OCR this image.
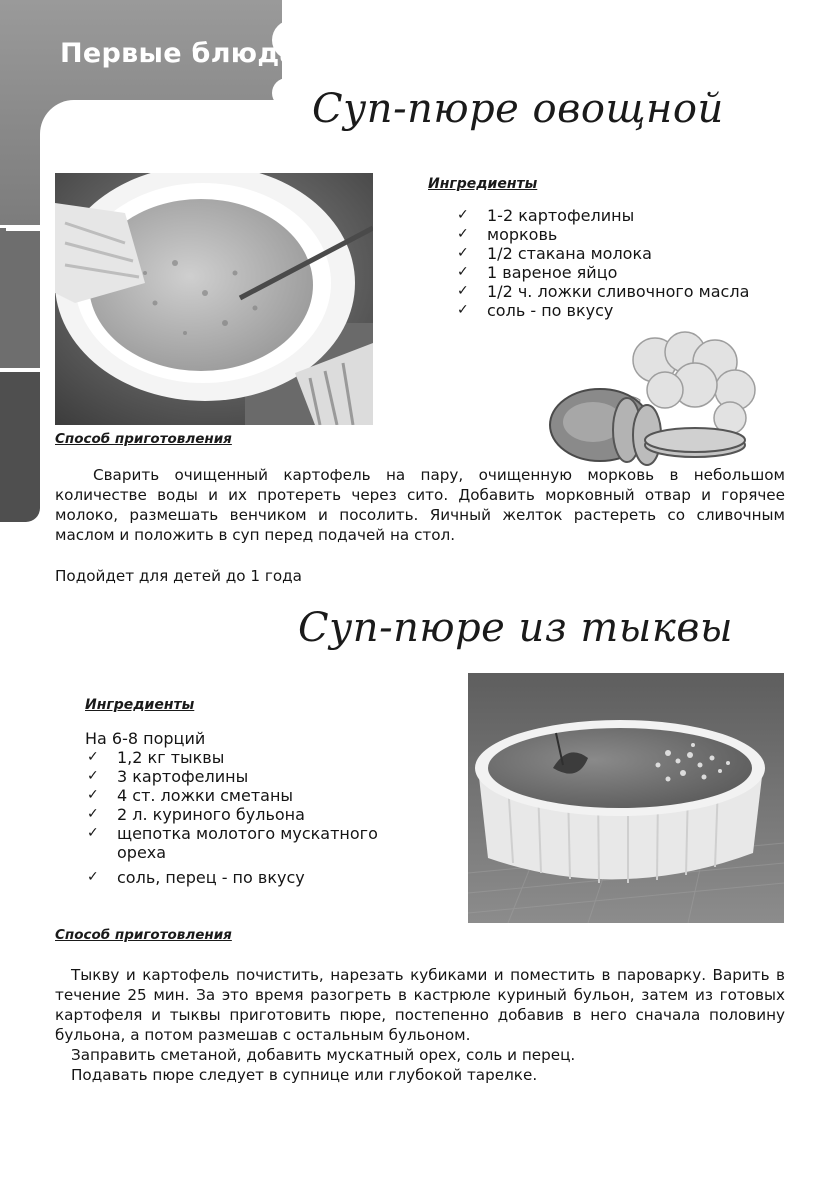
Первые блюда
Суп-пюре овощной
Ингредиенты
✓ 1-2 картофелины
✓ морковь
✓ 1/2 стакана молока
✓ 1 вареное яйцо
✓ 1/2 ч. ложки сливочного масла
✓ соль - по вкусу
Способ приготовления

Сварить очищенный картофель на пару, очищенную морковь в небольшом количестве воды и их протереть через сито. Добавить морковный отвар и горячее молоко, размешать венчиком и посолить. Яичный желток растереть со сливочным маслом и положить в суп перед подачей на стол.

Подойдет для детей до 1 года

Суп-пюре из тыквы
Ингредиенты
На 6-8 порций
✓ 1,2 кг тыквы
✓ 3 картофелины
✓ 4 ст. ложки сметаны
✓ 2 л. куриного бульона
✓ щепотка молотого мускатного ореха
✓ соль, перец - по вкусу
Способ приготовления

Тыкву и картофель почистить, нарезать кубиками и поместить в пароварку. Варить в течение 25 мин. За это время разогреть в кастрюле куриный бульон, затем из готовых картофеля и тыквы приготовить пюре, постепенно добавив в него сначала половину бульона, а потом размешав с остальным бульоном.

Заправить сметаной, добавить мускатный орех, соль и перец.

Подавать пюре следует в супнице или глубокой тарелке.
